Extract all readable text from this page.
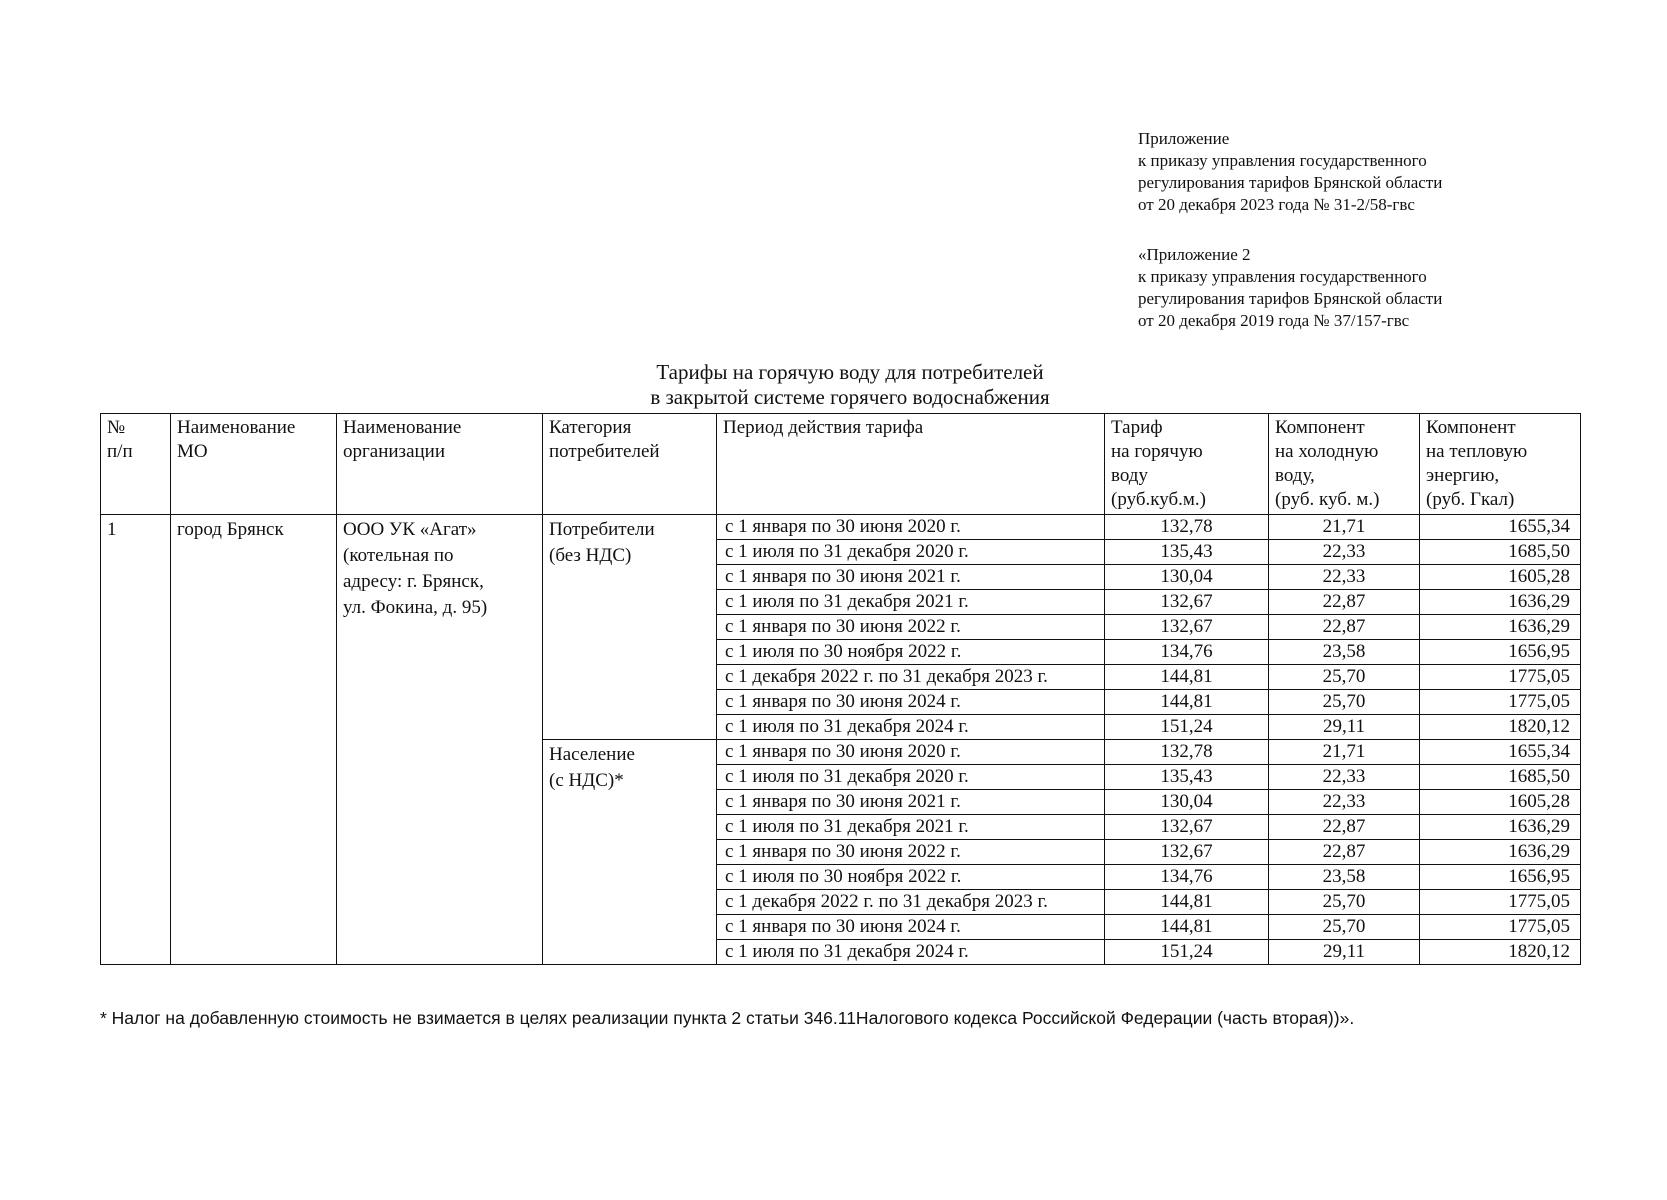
Приложение
к приказу управления государственного
регулирования тарифов Брянской области
от 20 декабря 2023 года № 31-2/58-гвс
«Приложение 2
к приказу управления государственного
регулирования тарифов Брянской области
от 20 декабря 2019 года № 37/157-гвс
Тарифы на горячую воду для потребителей
в закрытой системе горячего водоснабжения
№
п/п	Наименование
МО	Наименование
организации	Категория
потребителей	Период действия тарифа	Тариф
на горячую
воду
(руб.куб.м.)	Компонент
на холодную
воду,
(руб. куб. м.)	Компонент
на тепловую
энергию,
(руб. Гкал)

1	город Брянск	ООО УК «Агат»
(котельная по
адресу: г. Брянск,
ул. Фокина, д. 95)	Потребители
(без НДС)	с 1 января по 30 июня 2020 г.	132,78	21,71	1655,34
				с 1 июля по 31 декабря 2020 г.	135,43	22,33	1685,50
				с 1 января по 30 июня 2021 г.	130,04	22,33	1605,28
				с 1 июля по 31 декабря 2021 г.	132,67	22,87	1636,29
				с 1 января по 30 июня 2022 г.	132,67	22,87	1636,29
				с 1 июля по 30 ноября 2022 г.	134,76	23,58	1656,95
				с 1 декабря 2022 г. по 31 декабря 2023 г.	144,81	25,70	1775,05
				с 1 января по 30 июня 2024 г.	144,81	25,70	1775,05
				с 1 июля по 31 декабря 2024 г.	151,24	29,11	1820,12

			Население
(с НДС)*	с 1 января по 30 июня 2020 г.	132,78	21,71	1655,34
				с 1 июля по 31 декабря 2020 г.	135,43	22,33	1685,50
				с 1 января по 30 июня 2021 г.	130,04	22,33	1605,28
				с 1 июля по 31 декабря 2021 г.	132,67	22,87	1636,29
				с 1 января по 30 июня 2022 г.	132,67	22,87	1636,29
				с 1 июля по 30 ноября 2022 г.	134,76	23,58	1656,95
				с 1 декабря 2022 г. по 31 декабря 2023 г.	144,81	25,70	1775,05
				с 1 января по 30 июня 2024 г.	144,81	25,70	1775,05
				с 1 июля по 31 декабря 2024 г.	151,24	29,11	1820,12
* Налог на добавленную стоимость не взимается в целях реализации пункта 2 статьи 346.11Налогового кодекса Российской Федерации (часть вторая))».
